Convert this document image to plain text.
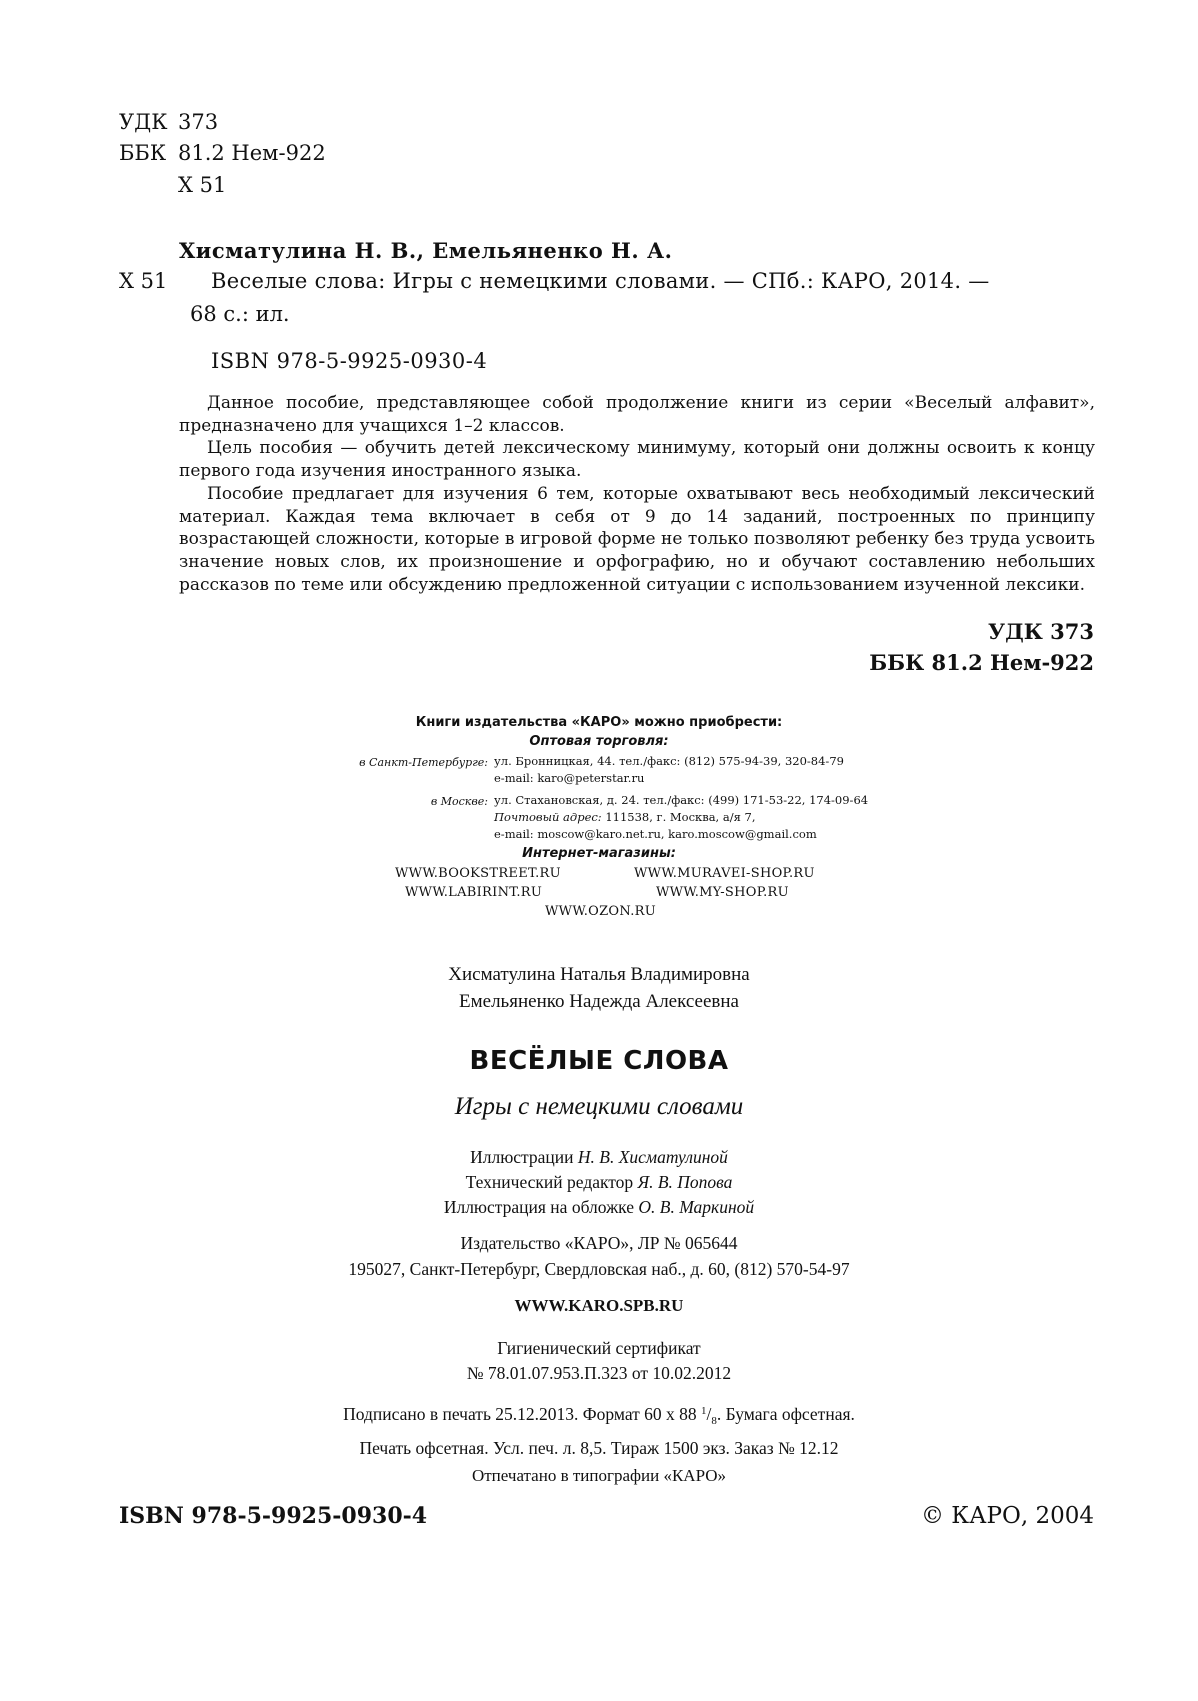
УДК 373
ББК 81.2 Нем-922
Х 51
Хисматулина Н. В., Емельяненко Н. А.
Х 51 Веселые слова: Игры с немецкими словами. — СПб.: КАРО, 2014. —
68 с.: ил.
ISBN 978-5-9925-0930-4

Данное пособие, представляющее собой продолжение книги из серии «Веселый алфавит», предназначено для учащихся 1–2 классов.

Цель пособия — обучить детей лексическому минимуму, который они должны освоить к концу первого года изучения иностранного языка.

Пособие предлагает для изучения 6 тем, которые охватывают весь необходимый лексический материал. Каждая тема включает в себя от 9 до 14 заданий, построенных по принципу возрастающей сложности, которые в игровой форме не только позволяют ребенку без труда усвоить значение новых слов, их произношение и орфографию, но и обучают составлению небольших рассказов по теме или обсуждению предложенной ситуации с использованием изученной лексики.

УДК 373
ББК 81.2 Нем-922
Книги издательства «КАРО» можно приобрести:
Оптовая торговля:
в Санкт-Петербурге: ул. Бронницкая, 44. тел./факс: (812) 575-94-39, 320-84-79
e-mail: karo@peterstar.ru
в Москве: ул. Стахановская, д. 24. тел./факс: (499) 171-53-22, 174-09-64
Почтовый адрес: 111538, г. Москва, а/я 7,
e-mail: moscow@karo.net.ru, karo.moscow@gmail.com
Интернет-магазины:
WWW.BOOKSTREET.RU	WWW.MURAVEI-SHOP.RU
WWW.LABIRINT.RU	WWW.MY-SHOP.RU
WWW.OZON.RU
Хисматулина Наталья Владимировна
Емельяненко Надежда Алексеевна
ВЕСЁЛЫЕ СЛОВА
Игры с немецкими словами
Иллюстрации Н. В. Хисматулиной
Технический редактор Я. В. Попова
Иллюстрация на обложке О. В. Маркиной
Издательство «КАРО», ЛР № 065644
195027, Санкт-Петербург, Свердловская наб., д. 60, (812) 570-54-97
WWW.KARO.SPB.RU
Гигиенический сертификат
№ 78.01.07.953.П.323 от 10.02.2012
Подписано в печать 25.12.2013. Формат 60 х 88 $^1/_8$. Бумага офсетная.
Печать офсетная. Усл. печ. л. 8,5. Тираж 1500 экз. Заказ № 12.12
Отпечатано в типографии «КАРО»
ISBN 978-5-9925-0930-4	© КАРО, 2004
